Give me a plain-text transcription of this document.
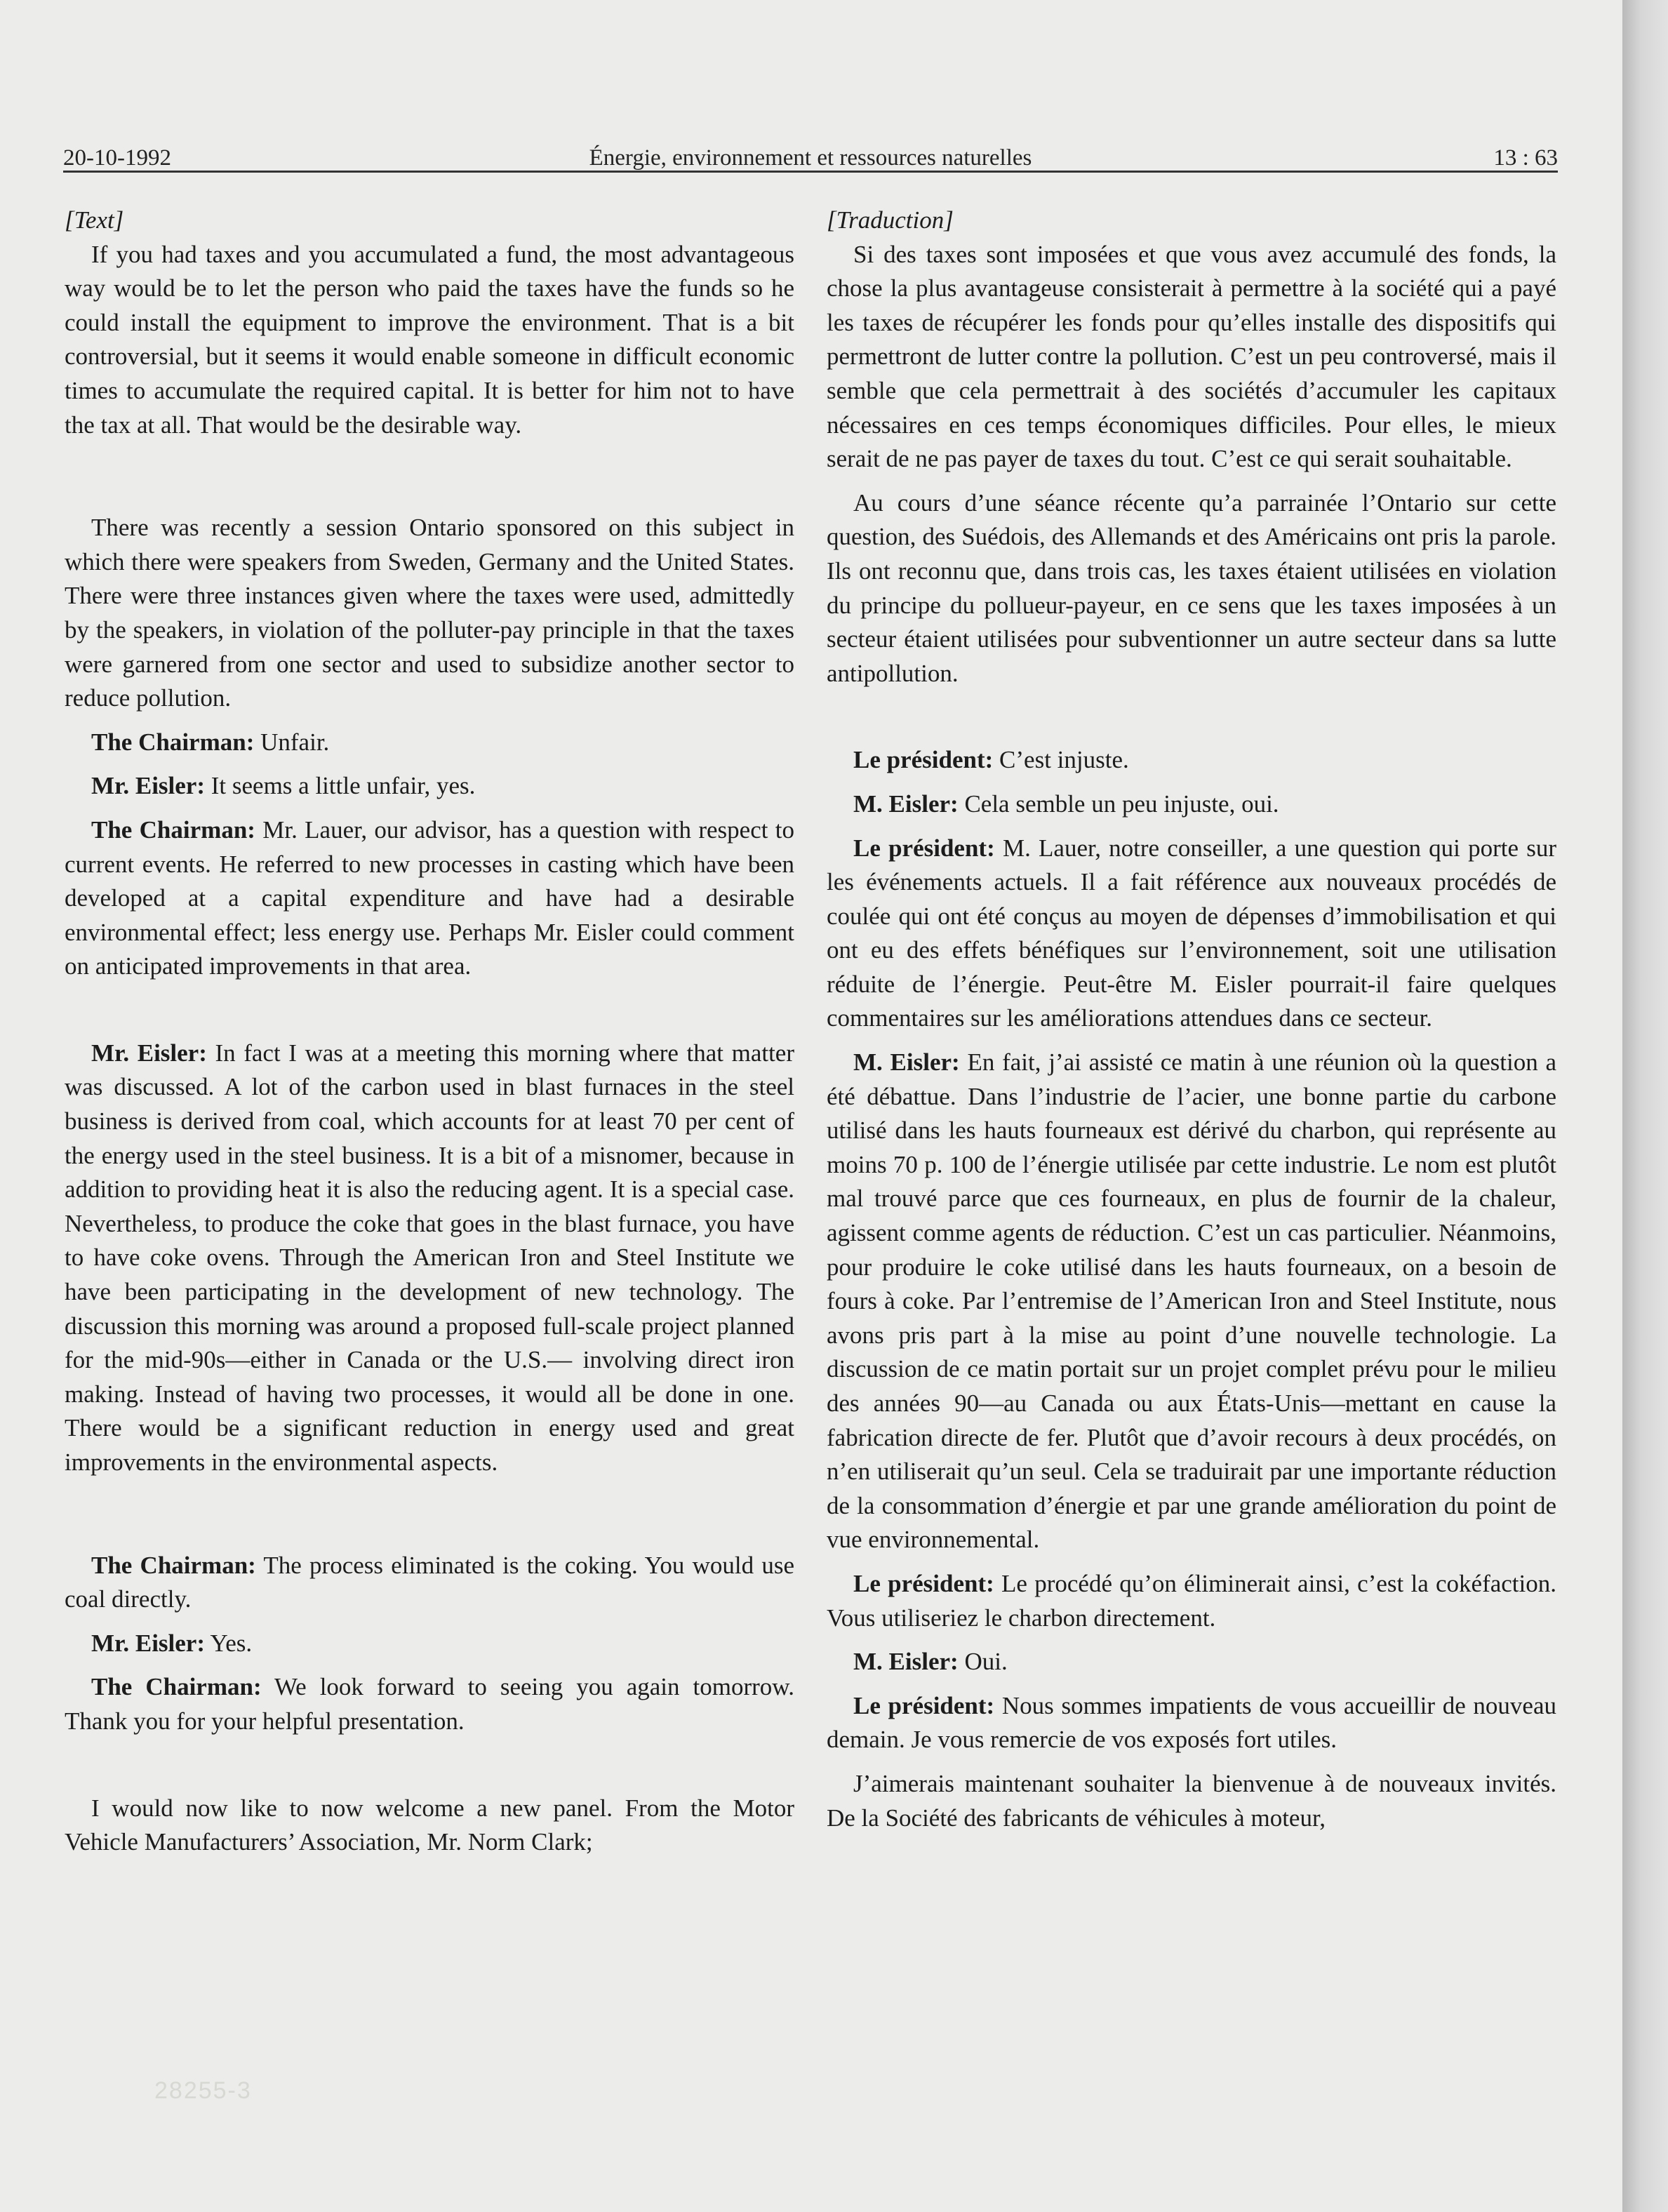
20-10-1992	Énergie, environnement et ressources naturelles	13 : 63

[Text]

If you had taxes and you accumulated a fund, the most advantageous way would be to let the person who paid the taxes have the funds so he could install the equipment to improve the environment. That is a bit controversial, but it seems it would enable someone in difficult economic times to accumulate the required capital. It is better for him not to have the tax at all. That would be the desirable way.

There was recently a session Ontario sponsored on this subject in which there were speakers from Sweden, Germany and the United States. There were three instances given where the taxes were used, admittedly by the speakers, in violation of the polluter-pay principle in that the taxes were garnered from one sector and used to subsidize another sector to reduce pollution.

The Chairman: Unfair.

Mr. Eisler: It seems a little unfair, yes.

The Chairman: Mr. Lauer, our advisor, has a question with respect to current events. He referred to new processes in casting which have been developed at a capital expenditure and have had a desirable environmental effect; less energy use. Perhaps Mr. Eisler could comment on anticipated improvements in that area.

Mr. Eisler: In fact I was at a meeting this morning where that matter was discussed. A lot of the carbon used in blast furnaces in the steel business is derived from coal, which accounts for at least 70 per cent of the energy used in the steel business. It is a bit of a misnomer, because in addition to providing heat it is also the reducing agent. It is a special case. Nevertheless, to produce the coke that goes in the blast furnace, you have to have coke ovens. Through the American Iron and Steel Institute we have been participating in the development of new technology. The discussion this morning was around a proposed full-scale project planned for the mid-90s—either in Canada or the U.S.— involving direct iron making. Instead of having two processes, it would all be done in one. There would be a significant reduction in energy used and great improvements in the environmental aspects.

The Chairman: The process eliminated is the coking. You would use coal directly.

Mr. Eisler: Yes.

The Chairman: We look forward to seeing you again tomorrow. Thank you for your helpful presentation.

I would now like to now welcome a new panel. From the Motor Vehicle Manufacturers’ Association, Mr. Norm Clark;

[Traduction]

Si des taxes sont imposées et que vous avez accumulé des fonds, la chose la plus avantageuse consisterait à permettre à la société qui a payé les taxes de récupérer les fonds pour qu’elles installe des dispositifs qui permettront de lutter contre la pollution. C’est un peu controversé, mais il semble que cela permettrait à des sociétés d’accumuler les capitaux nécessaires en ces temps économiques difficiles. Pour elles, le mieux serait de ne pas payer de taxes du tout. C’est ce qui serait souhaitable.

Au cours d’une séance récente qu’a parrainée l’Ontario sur cette question, des Suédois, des Allemands et des Américains ont pris la parole. Ils ont reconnu que, dans trois cas, les taxes étaient utilisées en violation du principe du pollueur-payeur, en ce sens que les taxes imposées à un secteur étaient utilisées pour subventionner un autre secteur dans sa lutte antipollution.

Le président: C’est injuste.

M. Eisler: Cela semble un peu injuste, oui.

Le président: M. Lauer, notre conseiller, a une question qui porte sur les événements actuels. Il a fait référence aux nouveaux procédés de coulée qui ont été conçus au moyen de dépenses d’immobilisation et qui ont eu des effets bénéfiques sur l’environnement, soit une utilisation réduite de l’énergie. Peut-être M. Eisler pourrait-il faire quelques commentaires sur les améliorations attendues dans ce secteur.

M. Eisler: En fait, j’ai assisté ce matin à une réunion où la question a été débattue. Dans l’industrie de l’acier, une bonne partie du carbone utilisé dans les hauts fourneaux est dérivé du charbon, qui représente au moins 70 p. 100 de l’énergie utilisée par cette industrie. Le nom est plutôt mal trouvé parce que ces fourneaux, en plus de fournir de la chaleur, agissent comme agents de réduction. C’est un cas particulier. Néanmoins, pour produire le coke utilisé dans les hauts fourneaux, on a besoin de fours à coke. Par l’entremise de l’American Iron and Steel Institute, nous avons pris part à la mise au point d’une nouvelle technologie. La discussion de ce matin portait sur un projet complet prévu pour le milieu des années 90—au Canada ou aux États-Unis—mettant en cause la fabrication directe de fer. Plutôt que d’avoir recours à deux procédés, on n’en utiliserait qu’un seul. Cela se traduirait par une importante réduction de la consommation d’énergie et par une grande amélioration du point de vue environnemental.

Le président: Le procédé qu’on éliminerait ainsi, c’est la cokéfaction. Vous utiliseriez le charbon directement.

M. Eisler: Oui.

Le président: Nous sommes impatients de vous accueillir de nouveau demain. Je vous remercie de vos exposés fort utiles.

J’aimerais maintenant souhaiter la bienvenue à de nouveaux invités. De la Société des fabricants de véhicules à moteur,

28255-3
